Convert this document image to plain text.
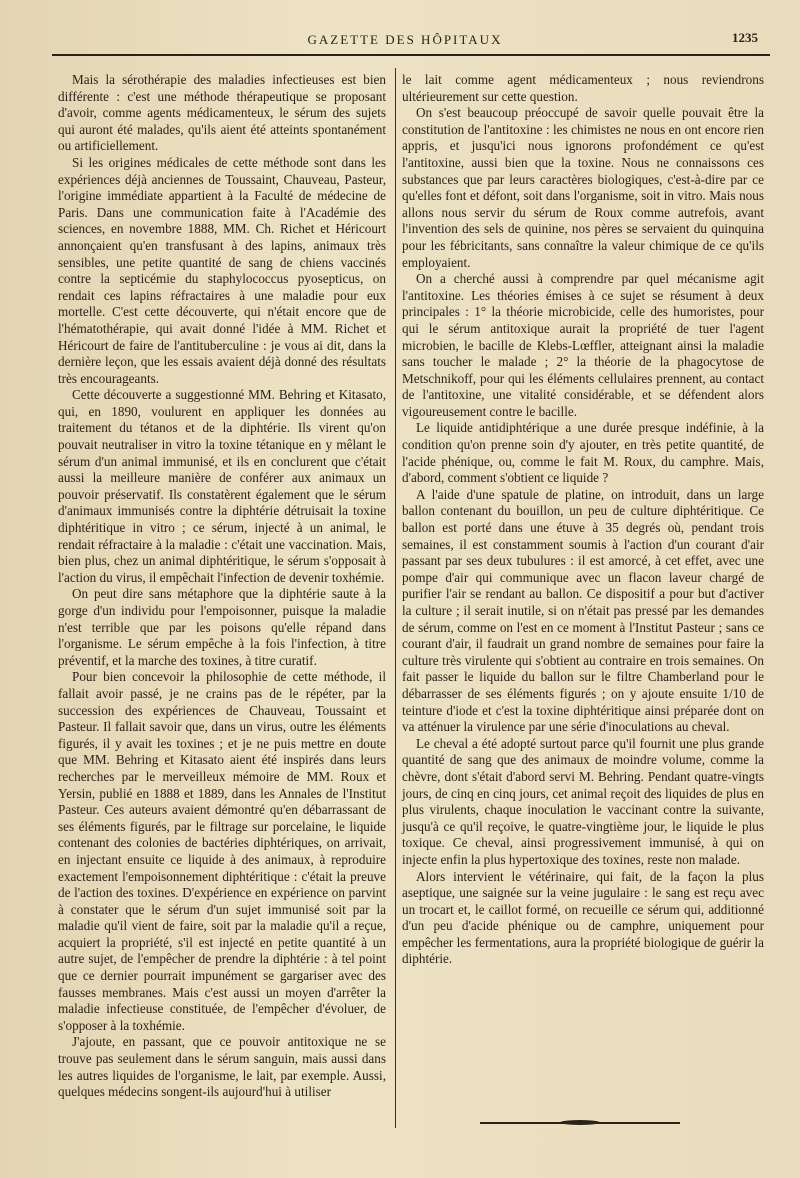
GAZETTE DES HÔPITAUX	1235

Mais la sérothérapie des maladies infectieuses est bien différente : c'est une méthode thérapeutique se proposant d'avoir, comme agents médicamenteux, le sérum des sujets qui auront été malades, qu'ils aient été atteints spontanément ou artificiellement.

Si les origines médicales de cette méthode sont dans les expériences déjà anciennes de Toussaint, Chauveau, Pasteur, l'origine immédiate appartient à la Faculté de médecine de Paris. Dans une communication faite à l'Académie des sciences, en novembre 1888, MM. Ch. Richet et Héricourt annonçaient qu'en transfusant à des lapins, animaux très sensibles, une petite quantité de sang de chiens vaccinés contre la septicémie du staphylococcus pyosepticus, on rendait ces lapins réfractaires à une maladie pour eux mortelle. C'est cette découverte, qui n'était encore que de l'hématothérapie, qui avait donné l'idée à MM. Richet et Héricourt de faire de l'antituberculine : je vous ai dit, dans la dernière leçon, que les essais avaient déjà donné des résultats très encourageants.

Cette découverte a suggestionné MM. Behring et Kitasato, qui, en 1890, voulurent en appliquer les données au traitement du tétanos et de la diphtérie. Ils virent qu'on pouvait neutraliser in vitro la toxine tétanique en y mêlant le sérum d'un animal immunisé, et ils en conclurent que c'était aussi la meilleure manière de conférer aux animaux un pouvoir préservatif. Ils constatèrent également que le sérum d'animaux immunisés contre la diphtérie détruisait la toxine diphtéritique in vitro ; ce sérum, injecté à un animal, le rendait réfractaire à la maladie : c'était une vaccination. Mais, bien plus, chez un animal diphtéritique, le sérum s'opposait à l'action du virus, il empêchait l'infection de devenir toxhémie.

On peut dire sans métaphore que la diphtérie saute à la gorge d'un individu pour l'empoisonner, puisque la maladie n'est terrible que par les poisons qu'elle répand dans l'organisme. Le sérum empêche à la fois l'infection, à titre préventif, et la marche des toxines, à titre curatif.

Pour bien concevoir la philosophie de cette méthode, il fallait avoir passé, je ne crains pas de le répéter, par la succession des expériences de Chauveau, Toussaint et Pasteur. Il fallait savoir que, dans un virus, outre les éléments figurés, il y avait les toxines ; et je ne puis mettre en doute que MM. Behring et Kitasato aient été inspirés dans leurs recherches par le merveilleux mémoire de MM. Roux et Yersin, publié en 1888 et 1889, dans les Annales de l'Institut Pasteur. Ces auteurs avaient démontré qu'en débarrassant de ses éléments figurés, par le filtrage sur porcelaine, le liquide contenant des colonies de bactéries diphtériques, on arrivait, en injectant ensuite ce liquide à des animaux, à reproduire exactement l'empoisonnement diphtéritique : c'était la preuve de l'action des toxines. D'expérience en expérience on parvint à constater que le sérum d'un sujet immunisé soit par la maladie qu'il vient de faire, soit par la maladie qu'il a reçue, acquiert la propriété, s'il est injecté en petite quantité à un autre sujet, de l'empêcher de prendre la diphtérie : à tel point que ce dernier pourrait impunément se gargariser avec des fausses membranes. Mais c'est aussi un moyen d'arrêter la maladie infectieuse constituée, de l'empêcher d'évoluer, de s'opposer à la toxhémie.

J'ajoute, en passant, que ce pouvoir antitoxique ne se trouve pas seulement dans le sérum sanguin, mais aussi dans les autres liquides de l'organisme, le lait, par exemple. Aussi, quelques médecins songent-ils aujourd'hui à utiliser

le lait comme agent médicamenteux ; nous reviendrons ultérieurement sur cette question.

On s'est beaucoup préoccupé de savoir quelle pouvait être la constitution de l'antitoxine : les chimistes ne nous en ont encore rien appris, et jusqu'ici nous ignorons profondément ce qu'est l'antitoxine, aussi bien que la toxine. Nous ne connaissons ces substances que par leurs caractères biologiques, c'est-à-dire par ce qu'elles font et défont, soit dans l'organisme, soit in vitro. Mais nous allons nous servir du sérum de Roux comme autrefois, avant l'invention des sels de quinine, nos pères se servaient du quinquina pour les fébricitants, sans connaître la valeur chimique de ce qu'ils employaient.

On a cherché aussi à comprendre par quel mécanisme agit l'antitoxine. Les théories émises à ce sujet se résument à deux principales : 1° la théorie microbicide, celle des humoristes, pour qui le sérum antitoxique aurait la propriété de tuer l'agent microbien, le bacille de Klebs-Lœffler, atteignant ainsi la maladie sans toucher le malade ; 2° la théorie de la phagocytose de Metschnikoff, pour qui les éléments cellulaires prennent, au contact de l'antitoxine, une vitalité considérable, et se défendent alors vigoureusement contre le bacille.

Le liquide antidiphtérique a une durée presque indéfinie, à la condition qu'on prenne soin d'y ajouter, en très petite quantité, de l'acide phénique, ou, comme le fait M. Roux, du camphre. Mais, d'abord, comment s'obtient ce liquide ?

A l'aide d'une spatule de platine, on introduit, dans un large ballon contenant du bouillon, un peu de culture diphtéritique. Ce ballon est porté dans une étuve à 35 degrés où, pendant trois semaines, il est constamment soumis à l'action d'un courant d'air passant par ses deux tubulures : il est amorcé, à cet effet, avec une pompe d'air qui communique avec un flacon laveur chargé de purifier l'air se rendant au ballon. Ce dispositif a pour but d'activer la culture ; il serait inutile, si on n'était pas pressé par les demandes de sérum, comme on l'est en ce moment à l'Institut Pasteur ; sans ce courant d'air, il faudrait un grand nombre de semaines pour faire la culture très virulente qui s'obtient au contraire en trois semaines. On fait passer le liquide du ballon sur le filtre Chamberland pour le débarrasser de ses éléments figurés ; on y ajoute ensuite 1/10 de teinture d'iode et c'est la toxine diphtéritique ainsi préparée dont on va atténuer la virulence par une série d'inoculations au cheval.

Le cheval a été adopté surtout parce qu'il fournit une plus grande quantité de sang que des animaux de moindre volume, comme la chèvre, dont s'était d'abord servi M. Behring. Pendant quatre-vingts jours, de cinq en cinq jours, cet animal reçoit des liquides de plus en plus virulents, chaque inoculation le vaccinant contre la suivante, jusqu'à ce qu'il reçoive, le quatre-vingtième jour, le liquide le plus toxique. Ce cheval, ainsi progressivement immunisé, à qui on injecte enfin la plus hypertoxique des toxines, reste non malade.

Alors intervient le vétérinaire, qui fait, de la façon la plus aseptique, une saignée sur la veine jugulaire : le sang est reçu avec un trocart et, le caillot formé, on recueille ce sérum qui, additionné d'un peu d'acide phénique ou de camphre, uniquement pour empêcher les fermentations, aura la propriété biologique de guérir la diphtérie.
